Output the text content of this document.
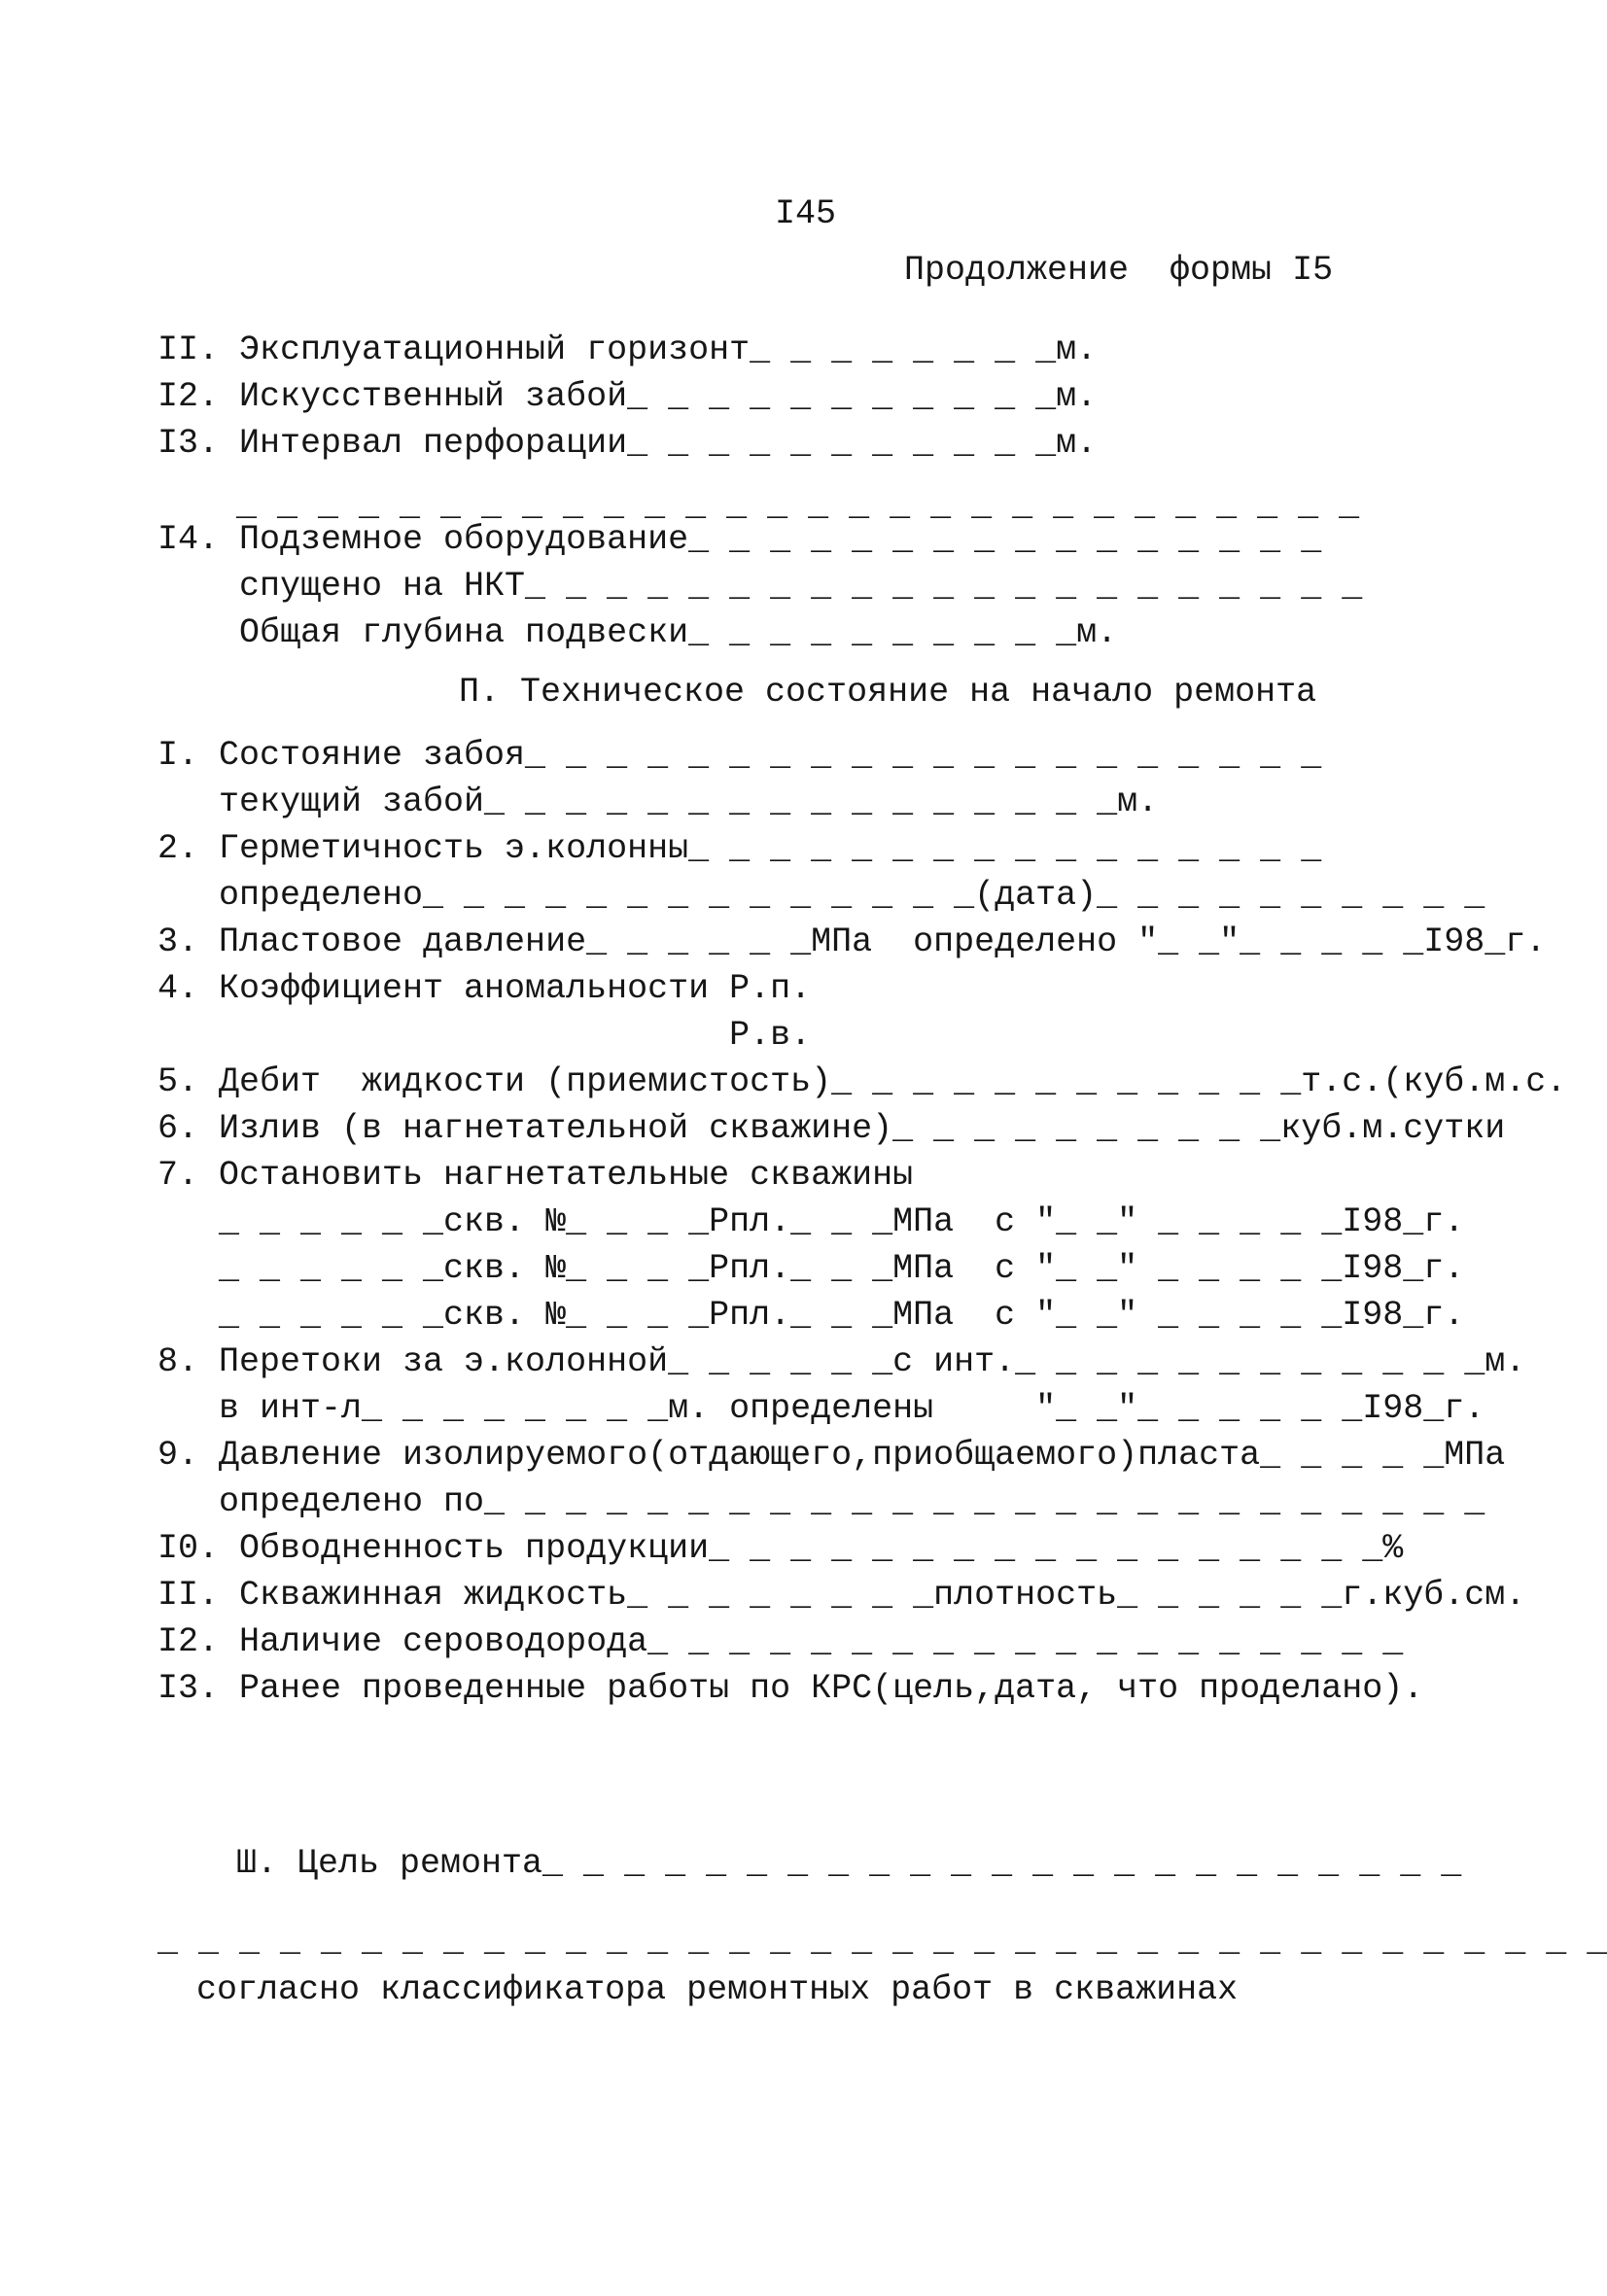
I45
Продолжение  формы I5
II. Эксплуатационный горизонт_ _ _ _ _ _ _ _м.
I2. Искусственный забой_ _ _ _ _ _ _ _ _ _ _м.
I3. Интервал перфорации_ _ _ _ _ _ _ _ _ _ _м.
_ _ _ _ _ _ _ _ _ _ _ _ _ _ _ _ _ _ _ _ _ _ _ _ _ _ _ _
I4. Подземное оборудование_ _ _ _ _ _ _ _ _ _ _ _ _ _ _ _
спущено на НКТ_ _ _ _ _ _ _ _ _ _ _ _ _ _ _ _ _ _ _ _ _
Общая глубина подвески_ _ _ _ _ _ _ _ _ _м.
П. Техническое состояние на начало ремонта
I. Состояние забоя_ _ _ _ _ _ _ _ _ _ _ _ _ _ _ _ _ _ _ _
текущий забой_ _ _ _ _ _ _ _ _ _ _ _ _ _ _ _м.
2. Герметичность э.колонны_ _ _ _ _ _ _ _ _ _ _ _ _ _ _ _
определено_ _ _ _ _ _ _ _ _ _ _ _ _ _(дата)_ _ _ _ _ _ _ _ _ _
3. Пластовое давление_ _ _ _ _ _МПа  определено "_ _"_ _ _ _ _I98_г.
4. Коэффициент аномальности Р.п.
Р.в.
5. Дебит  жидкости (приемистость)_ _ _ _ _ _ _ _ _ _ _ _т.с.(куб.м.с.
6. Излив (в нагнетательной скважине)_ _ _ _ _ _ _ _ _ _куб.м.сутки
7. Остановить нагнетательные скважины
_ _ _ _ _ _скв. №_ _ _ _Рпл._ _ _МПа  с "_ _" _ _ _ _ _I98_г.
_ _ _ _ _ _скв. №_ _ _ _Рпл._ _ _МПа  с "_ _" _ _ _ _ _I98_г.
_ _ _ _ _ _скв. №_ _ _ _Рпл._ _ _МПа  с "_ _" _ _ _ _ _I98_г.
8. Перетоки за э.колонной_ _ _ _ _ _с инт._ _ _ _ _ _ _ _ _ _ _ _м.
в инт-л_ _ _ _ _ _ _ _м. определены     "_ _"_ _ _ _ _ _I98_г.
9. Давление изолируемого(отдающего,приобщаемого)пласта_ _ _ _ _МПа
определено по_ _ _ _ _ _ _ _ _ _ _ _ _ _ _ _ _ _ _ _ _ _ _ _ _
I0. Обводненность продукции_ _ _ _ _ _ _ _ _ _ _ _ _ _ _ _ _%
II. Скважинная жидкость_ _ _ _ _ _ _ _плотность_ _ _ _ _ _г.куб.см.
I2. Наличие сероводорода_ _ _ _ _ _ _ _ _ _ _ _ _ _ _ _ _ _ _
I3. Ранее проведенные работы по КРС(цель,дата, что проделано).
Ш. Цель ремонта_ _ _ _ _ _ _ _ _ _ _ _ _ _ _ _ _ _ _ _ _ _ _
_ _ _ _ _ _ _ _ _ _ _ _ _ _ _ _ _ _ _ _ _ _ _ _ _ _ _ _ _ _ _ _ _ _ _ _
согласно классификатора ремонтных работ в скважинах
